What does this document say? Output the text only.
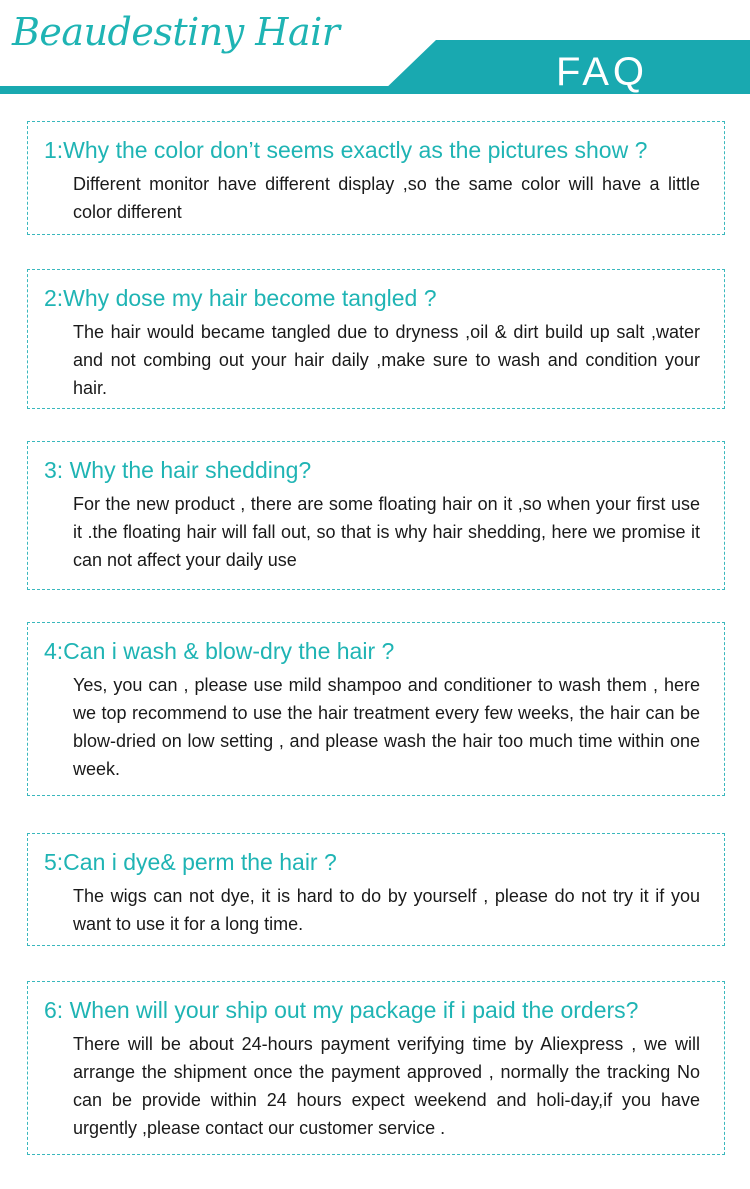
Beaudestiny Hair
FAQ

1:Why the color don’t seems exactly as the pictures show ?

Different monitor have different display ,so the same color will have a little color different

2:Why dose my hair become tangled ?

The hair would became tangled due to dryness ,oil & dirt build up salt ,water and not combing out your hair daily ,make sure to wash and condition your hair.

3: Why the hair shedding?

For the new product , there are some floating hair on it ,so when your first use it .the floating hair will fall out, so that is why hair shedding, here we promise it can not affect your daily use

4:Can i wash & blow-dry the hair ?

Yes, you can , please use mild shampoo and conditioner to wash them , here we top recommend to use the hair treatment every few weeks, the hair can be blow-dried on low setting , and please wash the hair too much time within one week.

5:Can i dye& perm the hair ?

The wigs can not dye, it is hard to do by yourself , please do not try it if you want to use it for a long time.

6: When will your ship out my package if i paid the orders?

There will be about 24-hours payment verifying time by Aliexpress , we will arrange the shipment once the payment approved , normally the tracking No can be provide within 24 hours expect weekend and holi-day,if you have urgently ,please contact our customer service .
